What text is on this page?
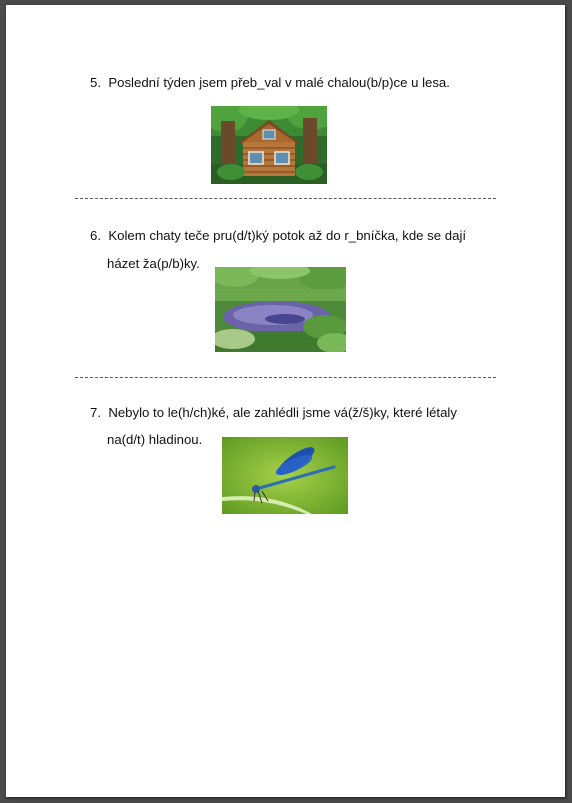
5. Poslední týden jsem přeb_val v malé chalou(b/p)ce u lesa.
6. Kolem chaty teče pru(d/t)ký potok až do r_bníčka, kde se dají
házet ža(p/b)ky.
7. Nebylo to le(h/ch)ké, ale zahlédli jsme vá(ž/š)ky, které létaly
na(d/t) hladinou.
